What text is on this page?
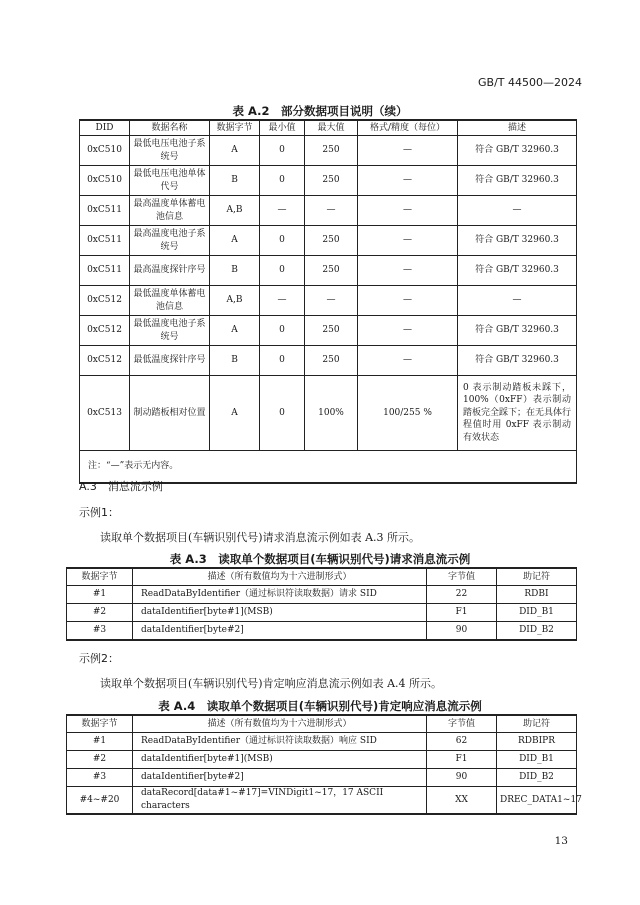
GB/T 44500—2024
表 A.2　部分数据项目说明（续）
DID	数据名称	数据字节	最小值	最大值	格式/精度（每位）	描述
0xC510	最低电压电池子系统号	A	0	250	—	符合 GB/T 32960.3
0xC510	最低电压电池单体代号	B	0	250	—	符合 GB/T 32960.3
0xC511	最高温度单体蓄电池信息	A,B	—	—	—	—
0xC511	最高温度电池子系统号	A	0	250	—	符合 GB/T 32960.3
0xC511	最高温度探针序号	B	0	250	—	符合 GB/T 32960.3
0xC512	最低温度单体蓄电池信息	A,B	—	—	—	—
0xC512	最低温度电池子系统号	A	0	250	—	符合 GB/T 32960.3
0xC512	最低温度探针序号	B	0	250	—	符合 GB/T 32960.3
0xC513	制动踏板相对位置	A	0	100%	100/255 %	0 表示制动踏板未踩下，100%（0xFF）表示制动踏板完全踩下；在无具体行程值时用 0xFF 表示制动有效状态
注：“—”表示无内容。						
A.3　消息流示例
示例1：
读取单个数据项目(车辆识别代号)请求消息流示例如表 A.3 所示。
表 A.3　读取单个数据项目(车辆识别代号)请求消息流示例
数据字节	描述（所有数值均为十六进制形式）	字节值	助记符
#1	ReadDataByIdentifier（通过标识符读取数据）请求 SID	22	RDBI
#2	dataIdentifier[byte#1](MSB)	F1	DID_B1
#3	dataIdentifier[byte#2]	90	DID_B2
示例2：
读取单个数据项目(车辆识别代号)肯定响应消息流示例如表 A.4 所示。
表 A.4　读取单个数据项目(车辆识别代号)肯定响应消息流示例
数据字节	描述（所有数值均为十六进制形式）	字节值	助记符
#1	ReadDataByIdentifier（通过标识符读取数据）响应 SID	62	RDBIPR
#2	dataIdentifier[byte#1](MSB)	F1	DID_B1
#3	dataIdentifier[byte#2]	90	DID_B2
#4~#20	dataRecord[data#1~#17]=VINDigit1~17，17 ASCII characters	XX	DREC_DATA1~17
13
